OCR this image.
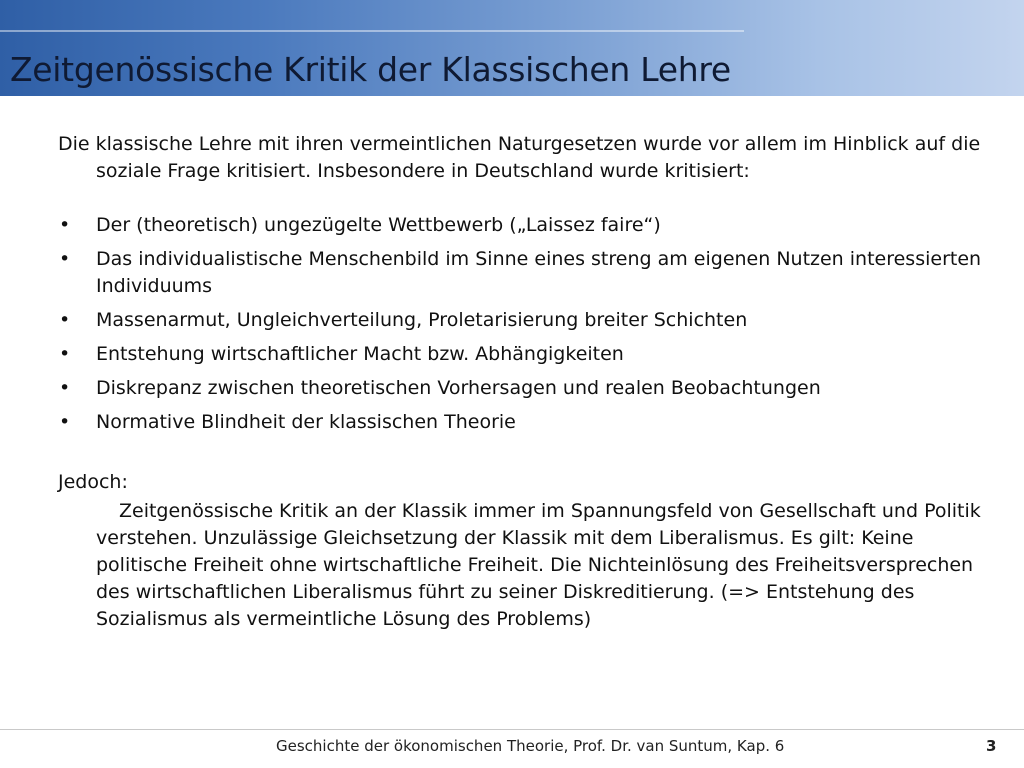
Zeitgenössische Kritik der Klassischen Lehre

Die klassische Lehre mit ihren vermeintlichen Naturgesetzen wurde vor allem im Hinblick auf die soziale Frage kritisiert. Insbesondere in Deutschland wurde kritisiert:

• Der (theoretisch) ungezügelte Wettbewerb („Laissez faire“)
• Das individualistische Menschenbild im Sinne eines streng am eigenen Nutzen interessierten Individuums
• Massenarmut, Ungleichverteilung, Proletarisierung breiter Schichten
• Entstehung wirtschaftlicher Macht bzw. Abhängigkeiten
• Diskrepanz zwischen theoretischen Vorhersagen und realen Beobachtungen
• Normative Blindheit der klassischen Theorie

Jedoch:

Zeitgenössische Kritik an der Klassik immer im Spannungsfeld von Gesellschaft und Politik verstehen. Unzulässige Gleichsetzung der Klassik mit dem Liberalismus. Es gilt: Keine politische Freiheit ohne wirtschaftliche Freiheit. Die Nichteinlösung des Freiheitsversprechen des wirtschaftlichen Liberalismus führt zu seiner Diskreditierung. (=> Entstehung des Sozialismus als vermeintliche Lösung des Problems)

Geschichte der ökonomischen Theorie, Prof. Dr. van Suntum, Kap. 6	3
